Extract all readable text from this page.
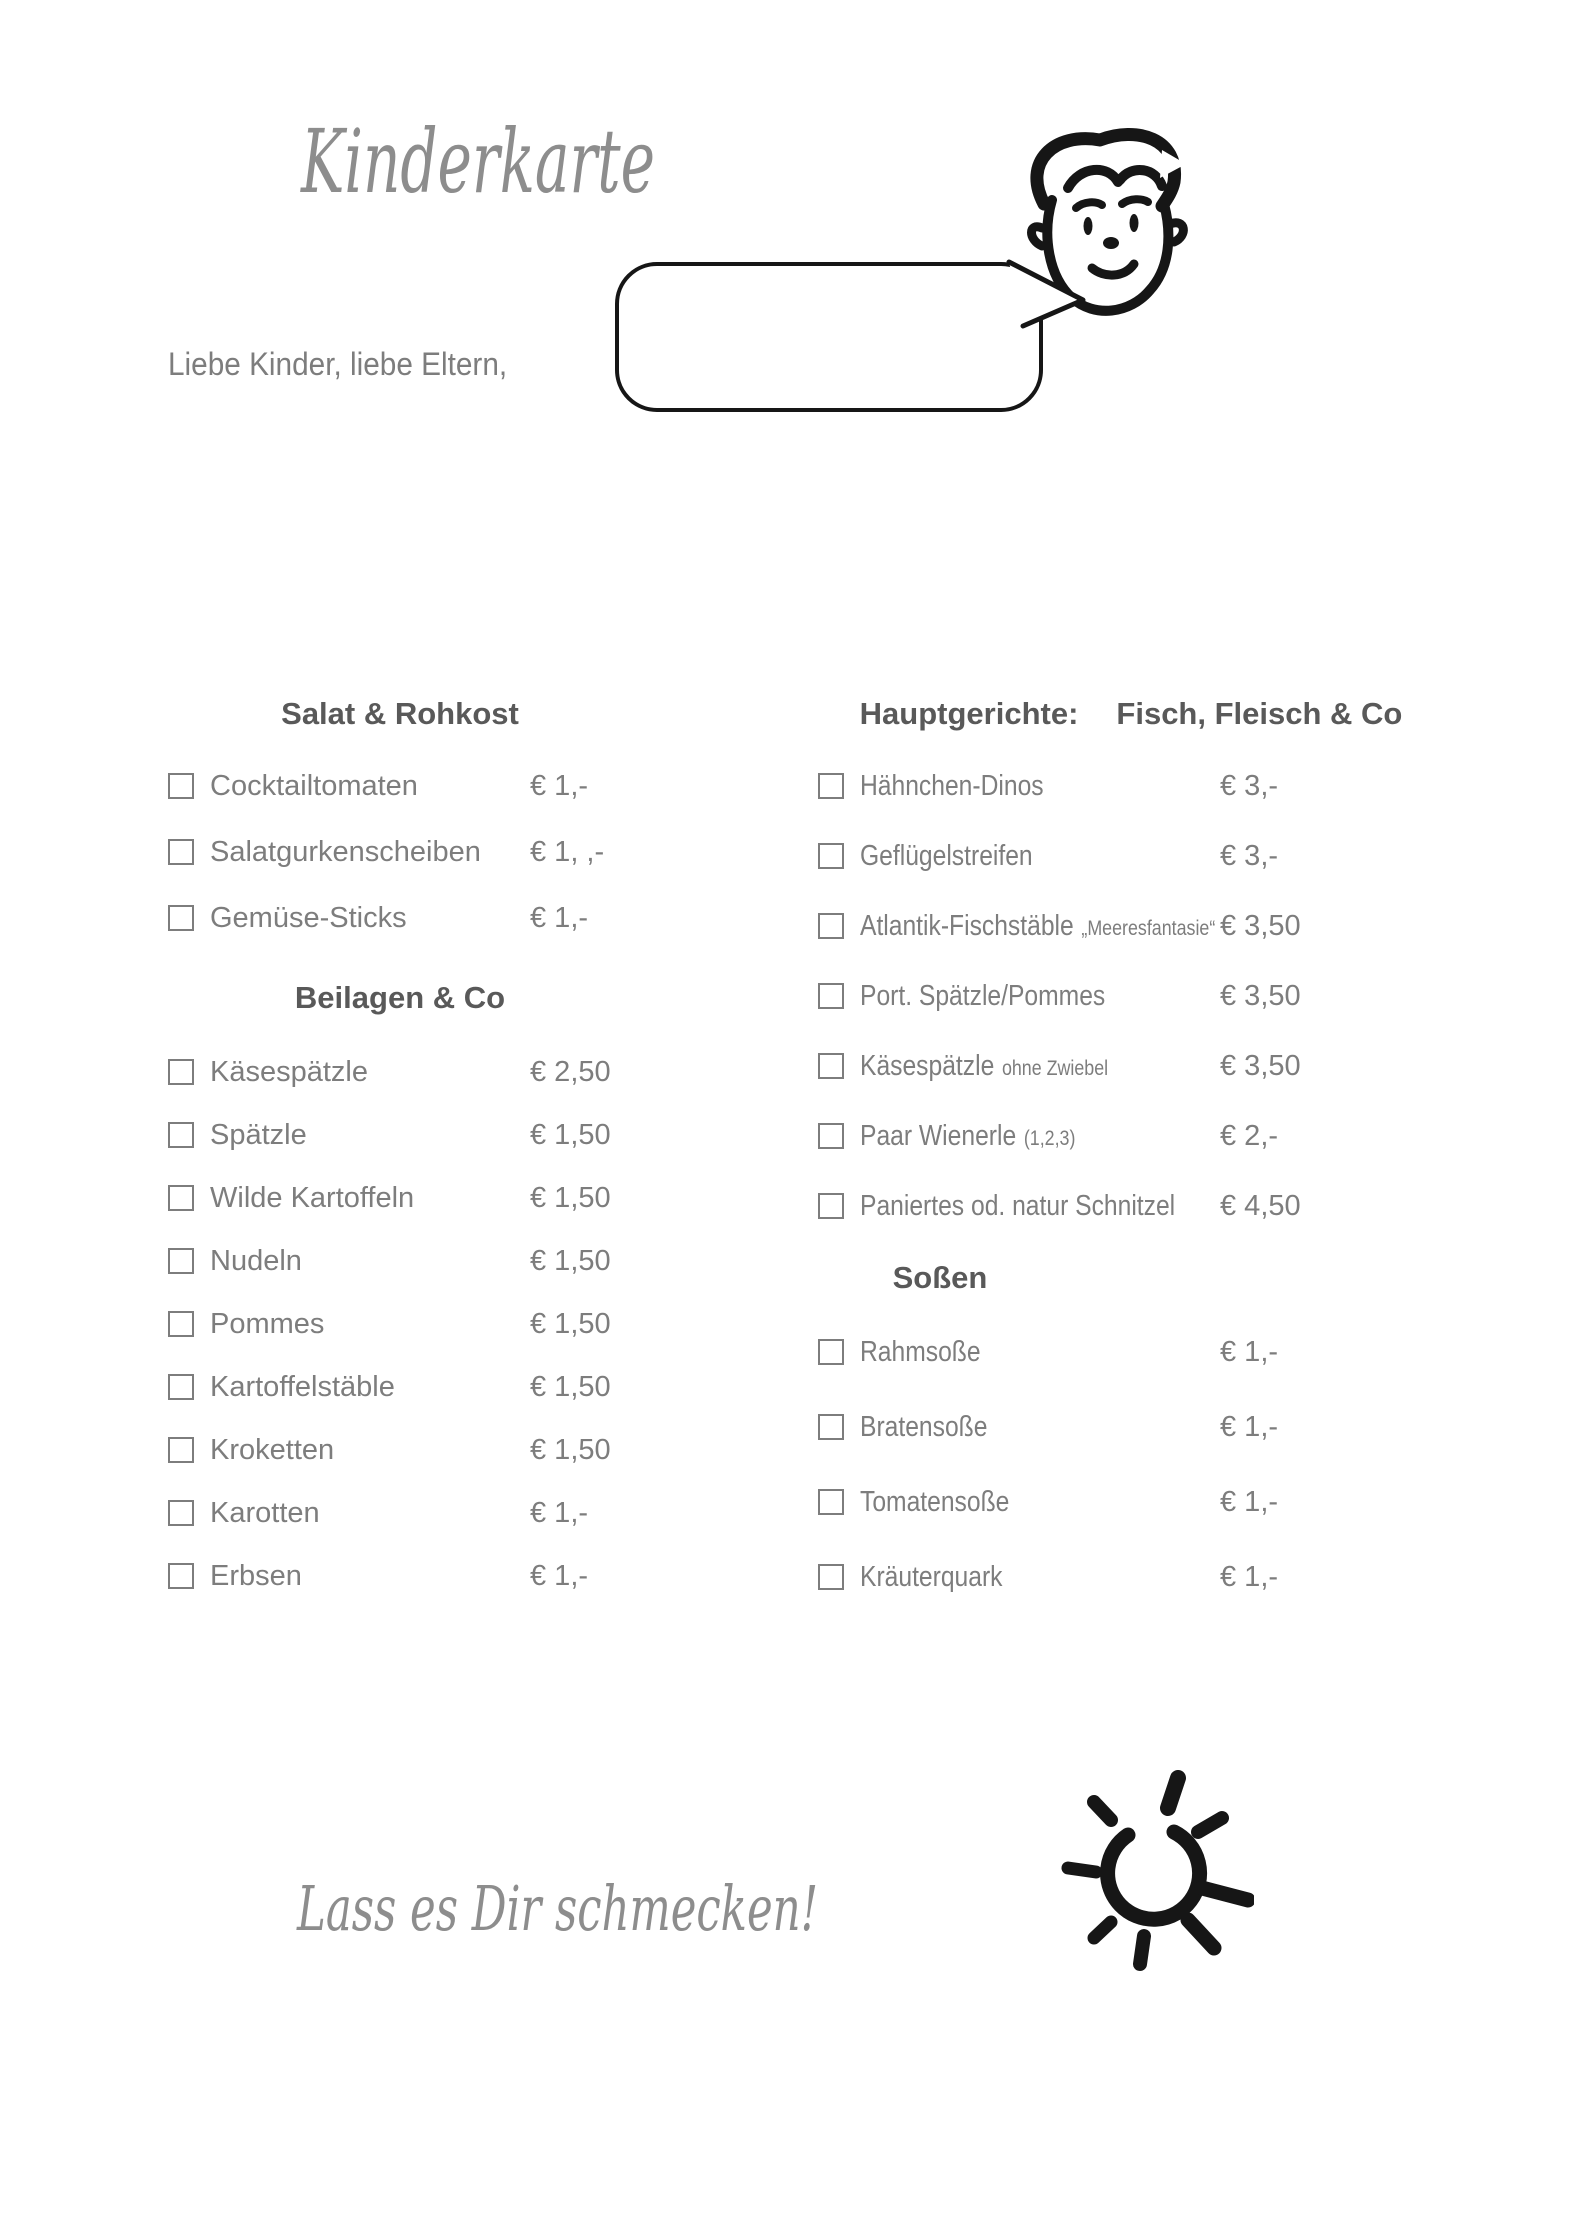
Kinderkarte
Liebe Kinder, liebe Eltern,
Salat & Rohkost
Cocktailtomaten	€ 1,-
Salatgurkenscheiben € 1, ,-
Gemüse-Sticks	€ 1,-
Beilagen & Co
Käsespätzle	€ 2,50
Spätzle	€ 1,50
Wilde Kartoffeln	€ 1,50
Nudeln	€ 1,50
Pommes	€ 1,50
Kartoffelstäble	€ 1,50
Kroketten	€ 1,50
Karotten	€ 1,-
Erbsen	€ 1,-
Hauptgerichte: Fisch, Fleisch & Co
Hähnchen-Dinos	€ 3,-
Geflügelstreifen	€ 3,-
Atlantik-Fischstäble „Meeresfantasie“ € 3,50
Port. Spätzle/Pommes	€ 3,50
Käsespätzle ohne Zwiebel	€ 3,50
Paar Wienerle (1,2,3)	€ 2,-
Paniertes od. natur Schnitzel € 4,50
Soßen
Rahmsoße	€ 1,-
Bratensoße	€ 1,-
Tomatensoße	€ 1,-
Kräuterquark	€ 1,-
Lass es Dir schmecken!
